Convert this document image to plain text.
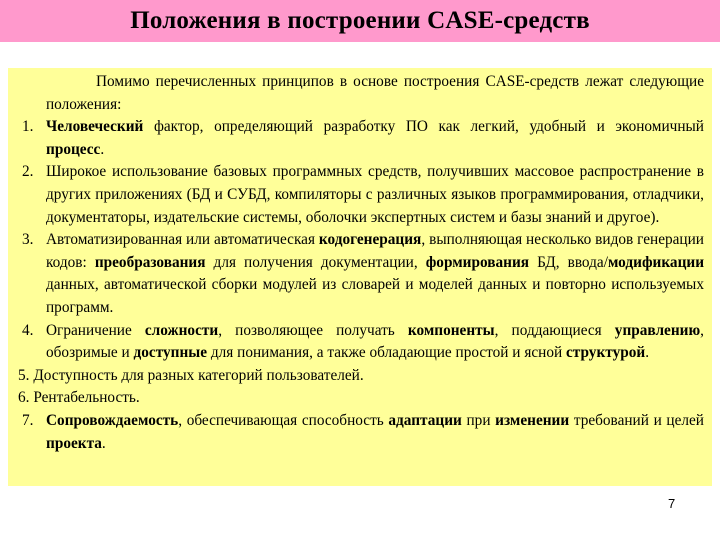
Положения в построении CASE-средств

Помимо перечисленных принципов в основе построения CASE-средств лежат следующие положения:

1. Человеческий фактор, определяющий разработку ПО как легкий, удобный и экономичный процесс.

2. Широкое использование базовых программных средств, получивших массовое распространение в других приложениях (БД и СУБД, компиляторы с различных языков программирования, отладчики, документаторы, издательские системы, оболочки экспертных систем и базы знаний и другое).

3. Автоматизированная или автоматическая кодогенерация, выполняющая несколько видов генерации кодов: преобразования для получения документации, формирования БД, ввода/модификации данных, автоматической сборки модулей из словарей и моделей данных и повторно используемых программ.

4. Ограничение сложности, позволяющее получать компоненты, поддающиеся управлению, обозримые и доступные для понимания, а также обладающие простой и ясной структурой.

5. Доступность для разных категорий пользователей.

6. Рентабельность.

7. Сопровождаемость, обеспечивающая способность адаптации при изменении требований и целей проекта.

7
